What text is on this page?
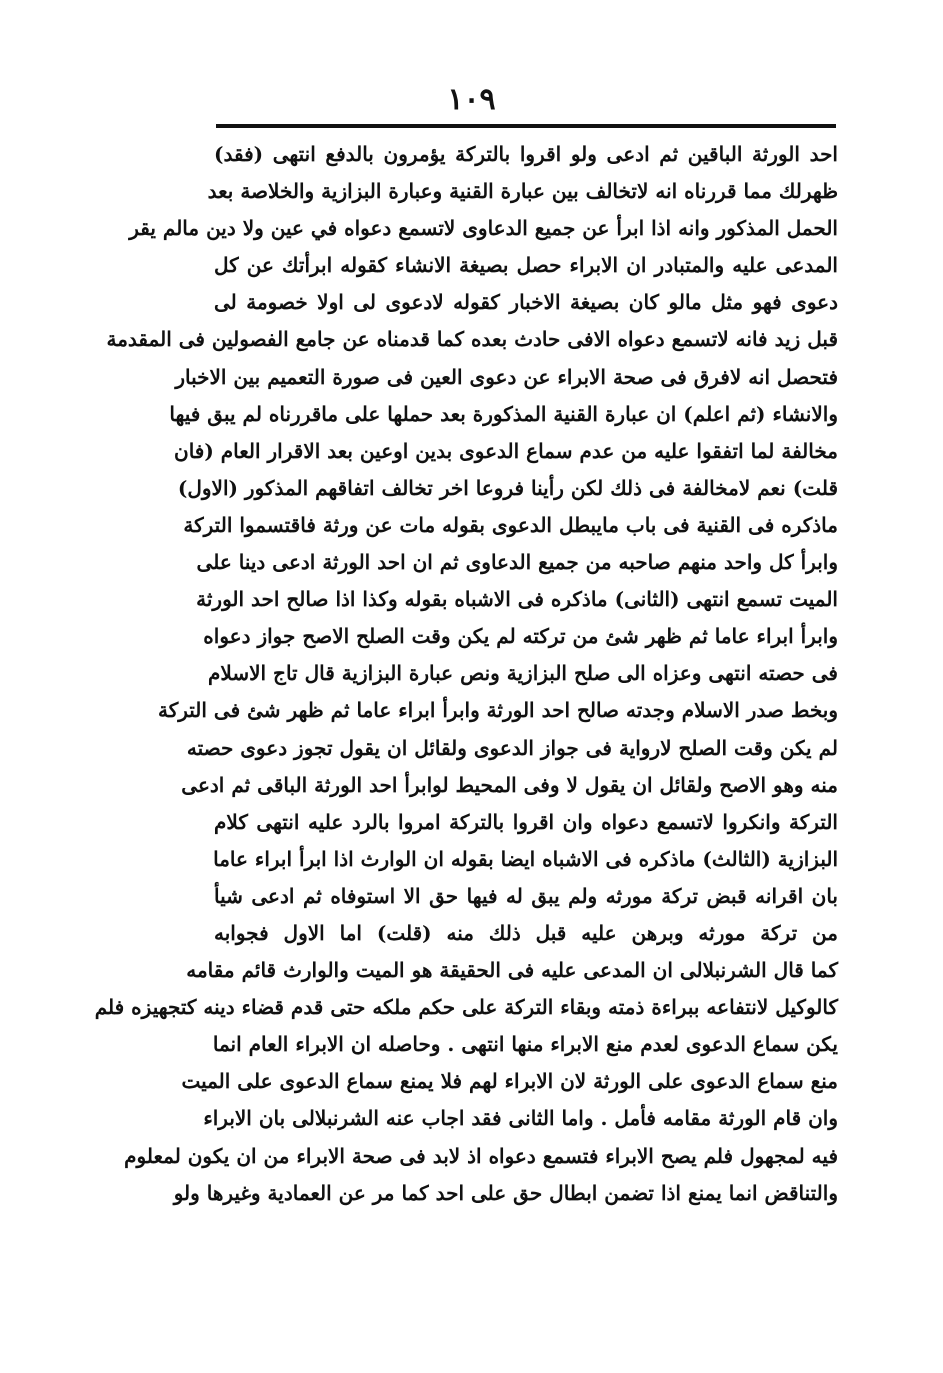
١٠٩
احد الورثة الباقين ثم ادعى ولو اقروا بالتركة يؤمرون بالدفع انتهى (فقد)
ظهرلك مما قررناه انه لاتخالف بين عبارة القنية وعبارة البزازية والخلاصة بعد
الحمل المذكور وانه اذا ابرأ عن جميع الدعاوى لاتسمع دعواه في عين ولا دين مالم يقر
المدعى عليه والمتبادر ان الابراء حصل بصيغة الانشاء كقوله ابرأتك عن كل
دعوى فهو مثل مالو كان بصيغة الاخبار كقوله لادعوى لى اولا خصومة لى
قبل زيد فانه لاتسمع دعواه الافى حادث بعده كما قدمناه عن جامع الفصولين فى المقدمة
فتحصل انه لافرق فى صحة الابراء عن دعوى العين فى صورة التعميم بين الاخبار
والانشاء (ثم اعلم) ان عبارة القنية المذكورة بعد حملها على ماقررناه لم يبق فيها
مخالفة لما اتفقوا عليه من عدم سماع الدعوى بدين اوعين بعد الاقرار العام (فان
قلت) نعم لامخالفة فى ذلك لكن رأينا فروعا اخر تخالف اتفاقهم المذكور (الاول)
ماذكره فى القنية فى باب مايبطل الدعوى بقوله مات عن ورثة فاقتسموا التركة
وابرأ كل واحد منهم صاحبه من جميع الدعاوى ثم ان احد الورثة ادعى دينا على
الميت تسمع انتهى (الثانى) ماذكره فى الاشباه بقوله وكذا اذا صالح احد الورثة
وابرأ ابراء عاما ثم ظهر شئ من تركته لم يكن وقت الصلح الاصح جواز دعواه
فى حصته انتهى وعزاه الى صلح البزازية ونص عبارة البزازية قال تاج الاسلام
وبخط صدر الاسلام وجدته صالح احد الورثة وابرأ ابراء عاما ثم ظهر شئ فى التركة
لم يكن وقت الصلح لارواية فى جواز الدعوى ولقائل ان يقول تجوز دعوى حصته
منه وهو الاصح ولقائل ان يقول لا وفى المحيط لوابرأ احد الورثة الباقى ثم ادعى
التركة وانكروا لاتسمع دعواه وان اقروا بالتركة امروا بالرد عليه انتهى كلام
البزازية (الثالث) ماذكره فى الاشباه ايضا بقوله ان الوارث اذا ابرأ ابراء عاما
بان اقرانه قبض تركة مورثه ولم يبق له فيها حق الا استوفاه ثم ادعى شيأ
من تركة مورثه وبرهن عليه قبل ذلك منه (قلت) اما الاول فجوابه
كما قال الشرنبلالى ان المدعى عليه فى الحقيقة هو الميت والوارث قائم مقامه
كالوكيل لانتفاعه ببراءة ذمته وبقاء التركة على حكم ملكه حتى قدم قضاء دينه كتجهيزه فلم
يكن سماع الدعوى لعدم منع الابراء منها انتهى . وحاصله ان الابراء العام انما
منع سماع الدعوى على الورثة لان الابراء لهم فلا يمنع سماع الدعوى على الميت
وان قام الورثة مقامه فأمل . واما الثانى فقد اجاب عنه الشرنبلالى بان الابراء
فيه لمجهول فلم يصح الابراء فتسمع دعواه اذ لابد فى صحة الابراء من ان يكون لمعلوم
والتناقض انما يمنع اذا تضمن ابطال حق على احد كما مر عن العمادية وغيرها ولو
